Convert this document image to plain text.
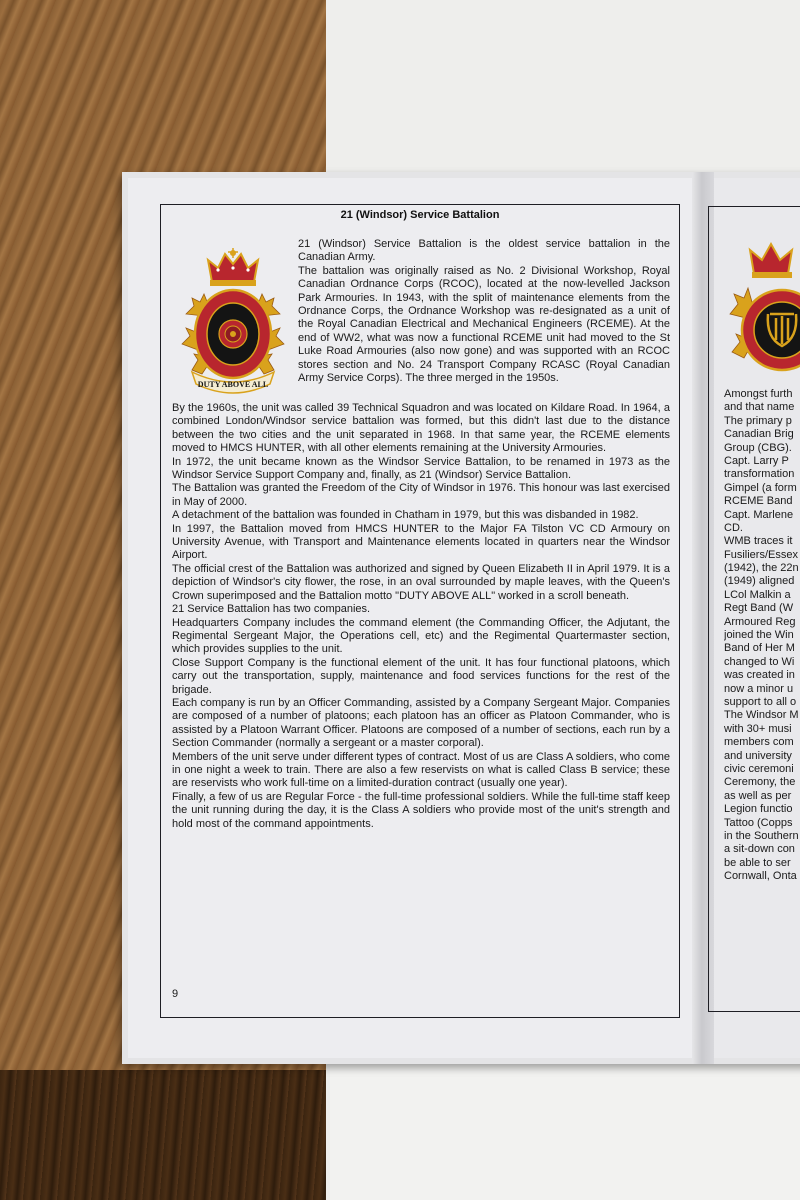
21 (Windsor) Service Battalion
DUTY ABOVE ALL

21 (Windsor) Service Battalion is the oldest service battalion in the Canadian Army.

The battalion was originally raised as No. 2 Divisional Workshop, Royal Canadian Ordnance Corps (RCOC), located at the now-levelled Jackson Park Armouries. In 1943, with the split of maintenance elements from the Ordnance Corps, the Ordnance Workshop was re-designated as a unit of the Royal Canadian Electrical and Mechanical Engineers (RCEME). At the end of WW2, what was now a functional RCEME unit had moved to the St Luke Road Armouries (also now gone) and was supported with an RCOC stores section and No. 24 Transport Company RCASC (Royal Canadian Army Service Corps). The three merged in the 1950s.

By the 1960s, the unit was called 39 Technical Squadron and was located on Kildare Road. In 1964, a combined London/Windsor service battalion was formed, but this didn't last due to the distance between the two cities and the unit separated in 1968. In that same year, the RCEME elements moved to HMCS HUNTER, with all other elements remaining at the University Armouries.

In 1972, the unit became known as the Windsor Service Battalion, to be renamed in 1973 as the Windsor Service Support Company and, finally, as 21 (Windsor) Service Battalion.

The Battalion was granted the Freedom of the City of Windsor in 1976. This honour was last exercised in May of 2000.

A detachment of the battalion was founded in Chatham in 1979, but this was disbanded in 1982.

In 1997, the Battalion moved from HMCS HUNTER to the Major FA Tilston VC CD Armoury on University Avenue, with Transport and Maintenance elements located in quarters near the Windsor Airport.

The official crest of the Battalion was authorized and signed by Queen Elizabeth II in April 1979. It is a depiction of Windsor's city flower, the rose, in an oval surrounded by maple leaves, with the Queen's Crown superimposed and the Battalion motto "DUTY ABOVE ALL" worked in a scroll beneath.

21 Service Battalion has two companies.

Headquarters Company includes the command element (the Commanding Officer, the Adjutant, the Regimental Sergeant Major, the Operations cell, etc) and the Regimental Quartermaster section, which provides supplies to the unit.

Close Support Company is the functional element of the unit. It has four functional platoons, which carry out the transportation, supply, maintenance and food services functions for the rest of the brigade.

Each company is run by an Officer Commanding, assisted by a Company Sergeant Major. Companies are composed of a number of platoons; each platoon has an officer as Platoon Commander, who is assisted by a Platoon Warrant Officer. Platoons are composed of a number of sections, each run by a Section Commander (normally a sergeant or a master corporal).

Members of the unit serve under different types of contract. Most of us are Class A soldiers, who come in one night a week to train. There are also a few reservists on what is called Class B service; these are reservists who work full-time on a limited-duration contract (usually one year).

Finally, a few of us are Regular Force - the full-time professional soldiers. While the full-time staff keep the unit running during the day, it is the Class A soldiers who provide most of the unit's strength and hold most of the command appointments.

9
Amongst furth
and that name
The primary p
Canadian Brig
Group (CBG).
Capt. Larry P
transformation
Gimpel (a form
RCEME Band
Capt. Marlene
CD.
WMB traces it
Fusiliers/Essex
(1942), the 22n
(1949) aligned
LCol Malkin a
Regt Band (W
Armoured Reg
joined the Win
Band of Her M
changed to Wi
was created in
now a minor u
support to all o
The Windsor M
with 30+ musi
members com
and university
civic ceremoni
Ceremony, the
as well as per
Legion functio
Tattoo (Copps
in the Southern
a sit-down con
be able to ser
Cornwall, Onta
